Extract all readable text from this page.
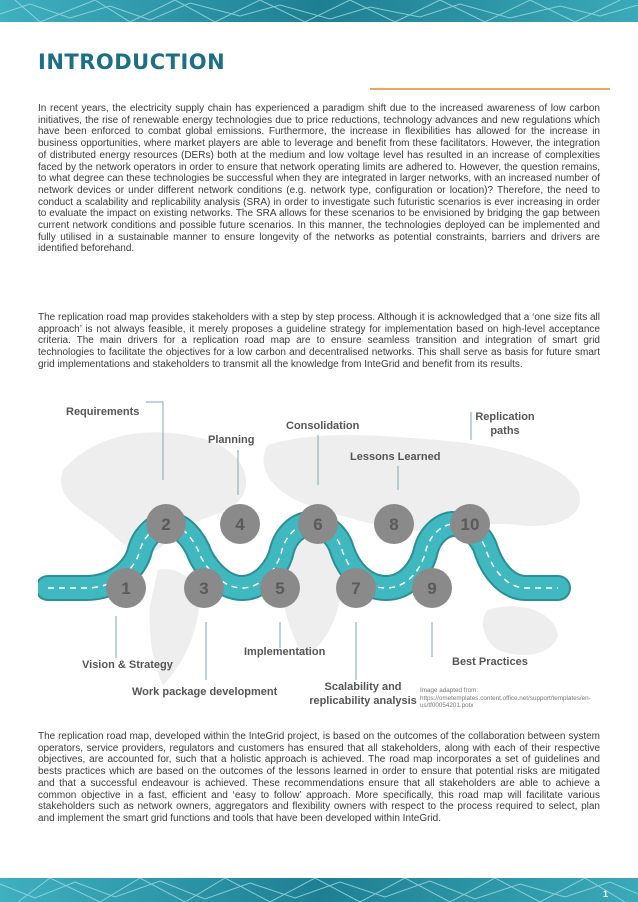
INTRODUCTION

In recent years, the electricity supply chain has experienced a paradigm shift due to the increased awareness of low carbon initiatives, the rise of renewable energy technologies due to price reductions, technology advances and new regulations which have been enforced to combat global emissions. Furthermore, the increase in flexibilities has allowed for the increase in business opportunities, where market players are able to leverage and benefit from these facilitators. However, the integration of distributed energy resources (DERs) both at the medium and low voltage level has resulted in an increase of complexities faced by the network operators in order to ensure that network operating limits are adhered to. However, the question remains, to what degree can these technologies be successful when they are integrated in larger networks, with an increased number of network devices or under different network conditions (e.g. network type, configuration or location)? Therefore, the need to conduct a scalability and replicability analysis (SRA) in order to investigate such futuristic scenarios is ever increasing in order to evaluate the impact on existing networks. The SRA allows for these scenarios to be envisioned by bridging the gap between current network conditions and possible future scenarios. In this manner, the technologies deployed can be implemented and fully utilised in a sustainable manner to ensure longevity of the networks as potential constraints, barriers and drivers are identified beforehand.

The replication road map provides stakeholders with a step by step process. Although it is acknowledged that a ‘one size fits all approach’ is not always feasible, it merely proposes a guideline strategy for implementation based on high-level acceptance criteria. The main drivers for a replication road map are to ensure seamless transition and integration of smart grid technologies to facilitate the objectives for a low carbon and decentralised networks. This shall serve as basis for future smart grid implementations and stakeholders to transmit all the knowledge from InteGrid and benefit from its results.

1
2
3
4
5
6
7
8
9
10
Requirements
Planning
Consolidation
Lessons Learned
Replication paths
Vision & Strategy
Implementation
Best Practices
Work package development	Scalability and replicability analysis
Image adapted from: https://ometemplates.content.office.net/support/templates/en-us/tf00054201.potx

The replication road map, developed within the InteGrid project, is based on the outcomes of the collaboration between system operators, service providers, regulators and customers has ensured that all stakeholders, along with each of their respective objectives, are accounted for, such that a holistic approach is achieved. The road map incorporates a set of guidelines and bests practices which are based on the outcomes of the lessons learned in order to ensure that potential risks are mitigated and that a successful endeavour is achieved. These recommendations ensure that all stakeholders are able to achieve a common objective in a fast, efficient and ‘easy to follow’ approach. More specifically, this road map will facilitate various stakeholders such as network owners, aggregators and flexibility owners with respect to the process required to select, plan and implement the smart grid functions and tools that have been developed within InteGrid.

1
